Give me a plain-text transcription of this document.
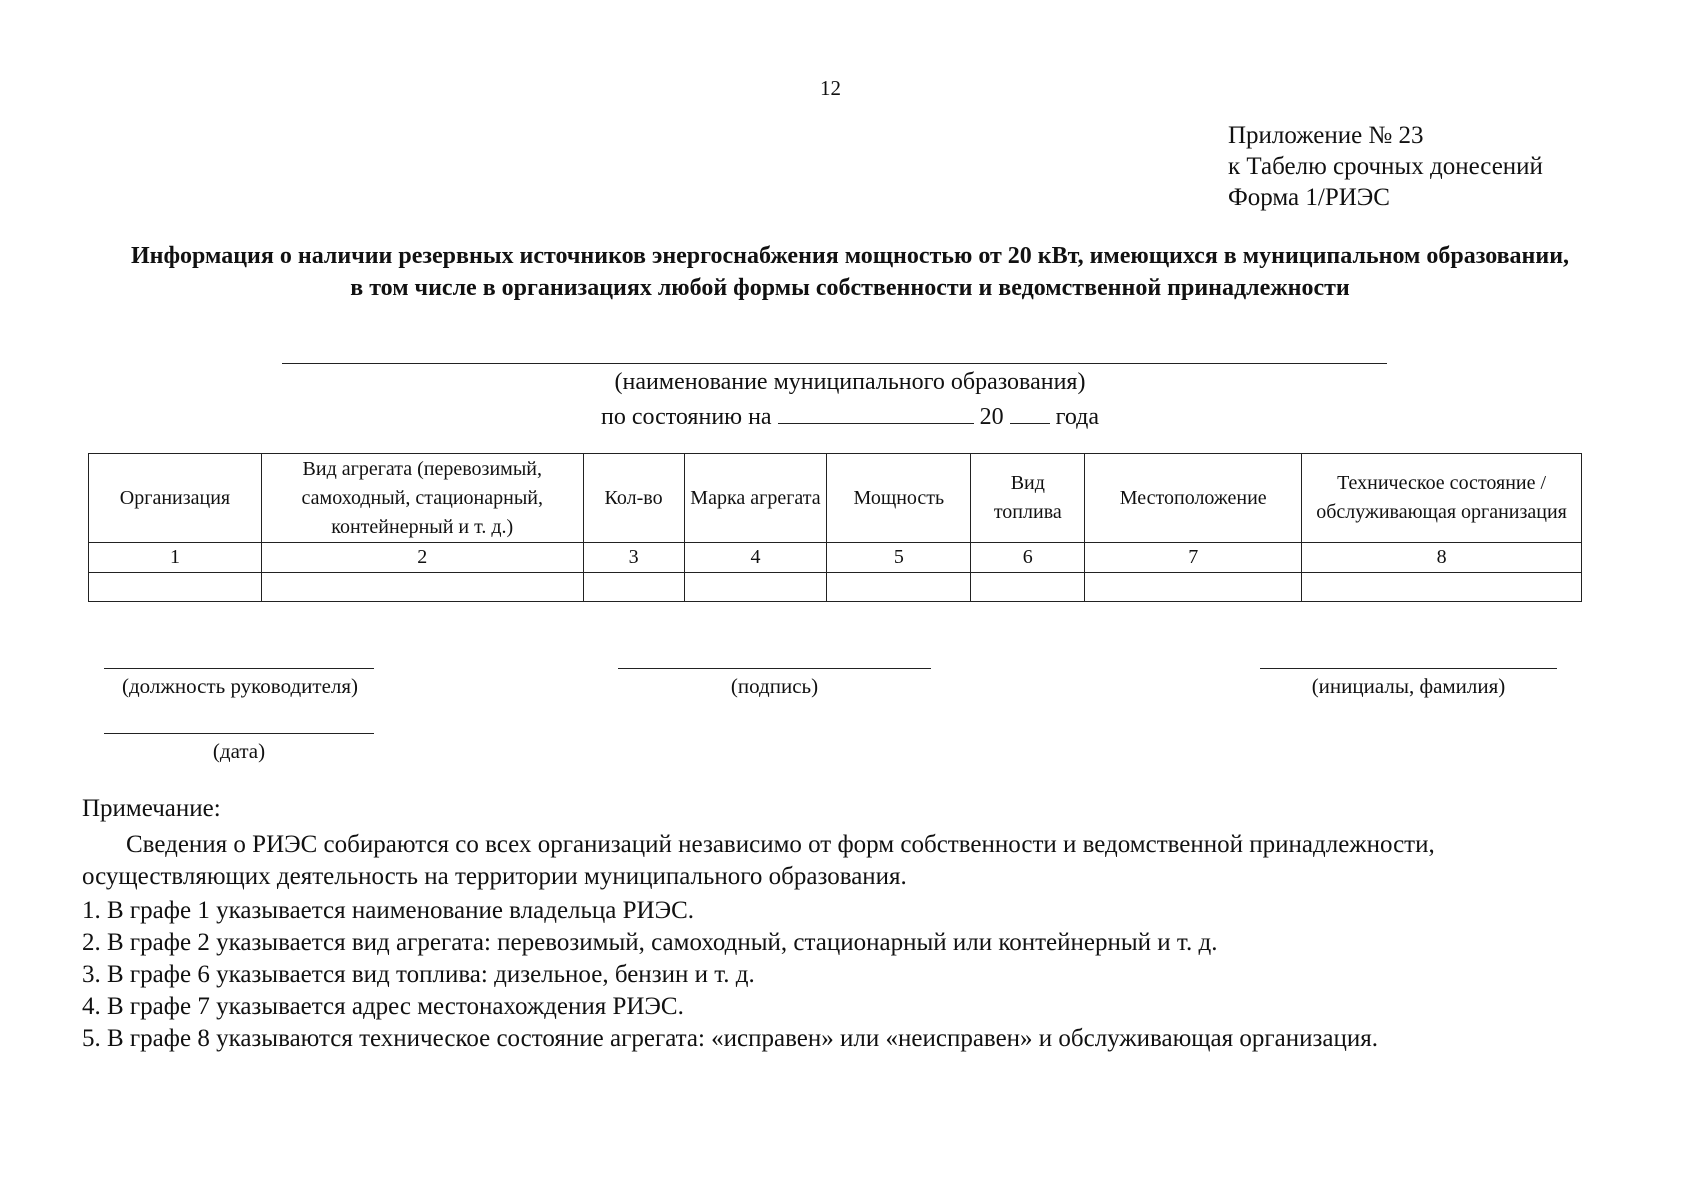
12
Приложение № 23
к Табелю срочных донесений
Форма 1/РИЭС
Информация о наличии резервных источников энергоснабжения мощностью от 20 кВт, имеющихся в муниципальном образовании, в том числе в организациях любой формы собственности и ведомственной принадлежности
(наименование муниципального образования)
по состоянию на	20 года
Организация	Вид агрегата (перевозимый, самоходный, стационарный, контейнерный и т. д.)	Кол-во	Марка агрегата	Мощность	Вид топлива	Местоположение	Техническое состояние / обслуживающая организация
1	2	3	4	5	6	7	8

(должность руководителя)	(подпись)	(инициалы, фамилия)
(дата)
Примечание:
Сведения о РИЭС собираются со всех организаций независимо от форм собственности и ведомственной принадлежности, осуществляющих деятельность на территории муниципального образования.
1. В графе 1 указывается наименование владельца РИЭС.
2. В графе 2 указывается вид агрегата: перевозимый, самоходный, стационарный или контейнерный и т. д.
3. В графе 6 указывается вид топлива: дизельное, бензин и т. д.
4. В графе 7 указывается адрес местонахождения РИЭС.
5. В графе 8 указываются техническое состояние агрегата: «исправен» или «неисправен» и обслуживающая организация.
